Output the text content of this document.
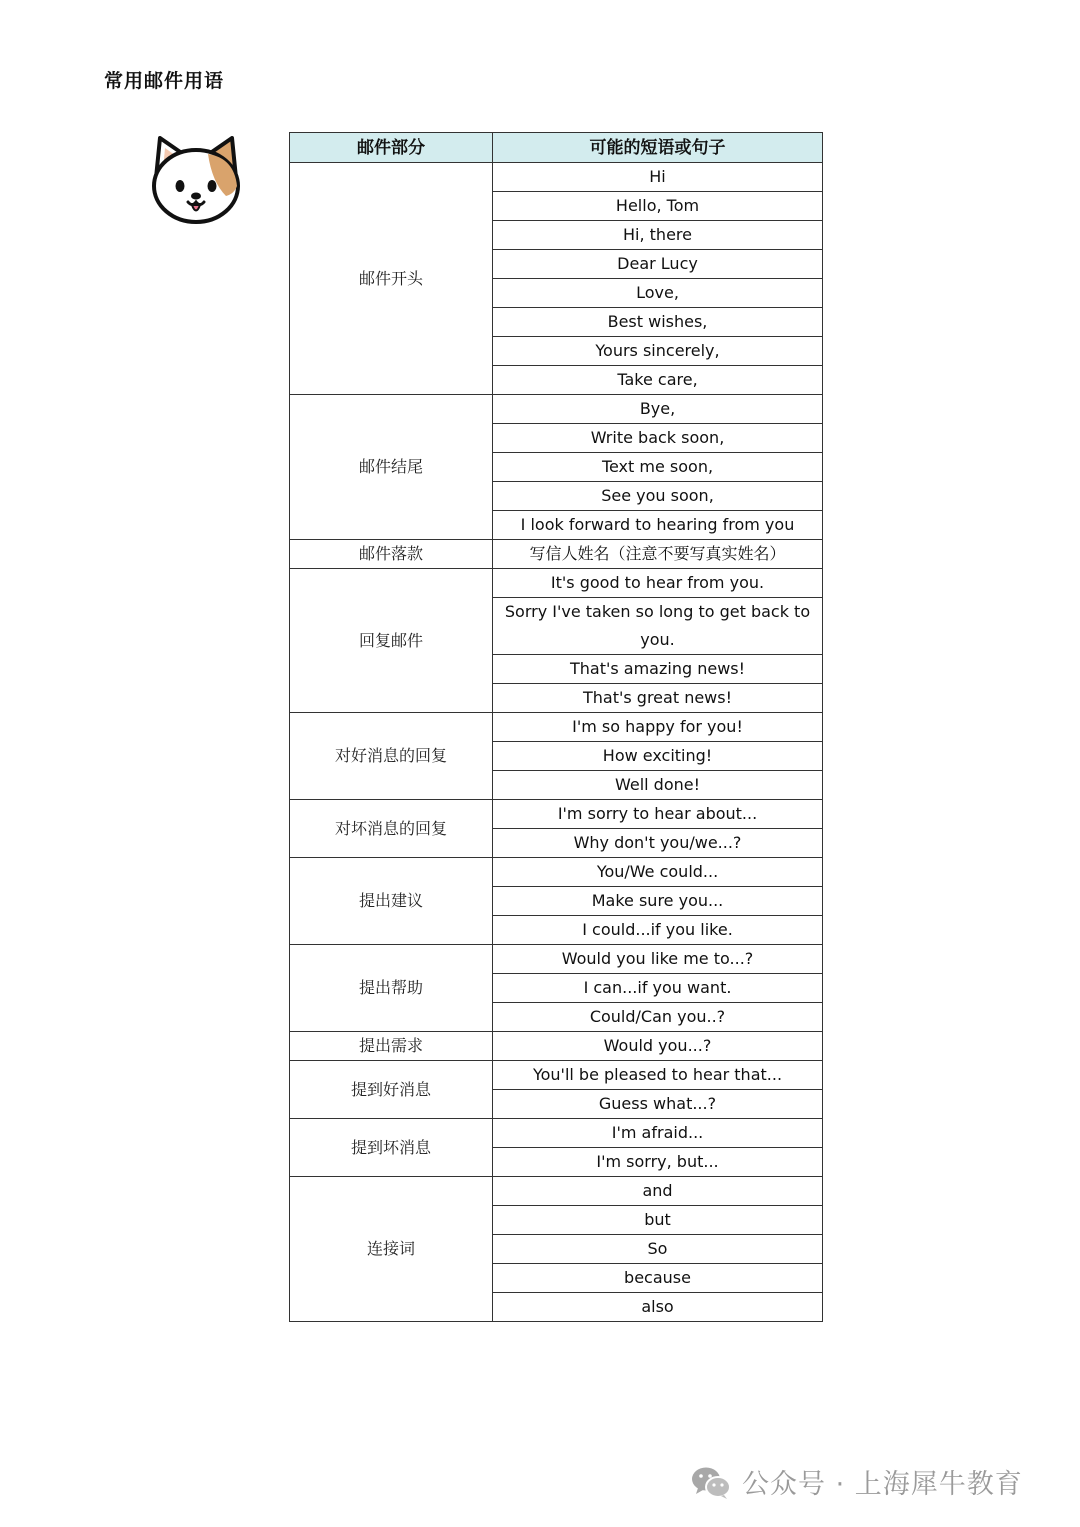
常用邮件用语
邮件部分	可能的短语或句子
邮件开头	Hi
	Hello, Tom
	Hi, there
	Dear Lucy
	Love,
	Best wishes,
	Yours sincerely,
	Take care,
邮件结尾	Bye,
	Write back soon,
	Text me soon,
	See you soon,
	I look forward to hearing from you
邮件落款	写信人姓名（注意不要写真实姓名）
回复邮件	It's good to hear from you.
	Sorry I've taken so long to get back to you.
	That's amazing news!
	That's great news!
对好消息的回复	I'm so happy for you!
	How exciting!
	Well done!
对坏消息的回复	I'm sorry to hear about...
	Why don't you/we...?
提出建议	You/We could...
	Make sure you...
	I could...if you like.
提出帮助	Would you like me to...?
	I can...if you want.
	Could/Can you..?
提出需求	Would you...?
提到好消息	You'll be pleased to hear that...
	Guess what...?
提到坏消息	I'm afraid...
	I'm sorry, but...
连接词	and
	but
	So
	because
	also
公众号 · 上海犀牛教育
